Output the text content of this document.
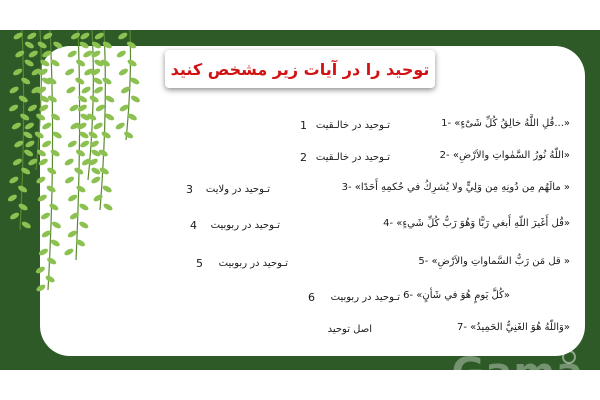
توحید را در آیات زیر مشخص کنید
«...قُلِ اللَّهُ خالِقُ کُلِّ شَیْءٍ» -1
تـوحید در خالـقیت
1
«اللّهُ نُورُ السَّمٰواتِ والاَرْضِ» -2
تـوحید در خالـقیت
2
« مالَهُم مِن دُونِهِ مِن وَلِيٍّ ولا يُشرِكُ في حُكمِهِ أَحَدًا» -3
تـوحید در ولایت
3
«قُل أَغَيرَ اللّهِ أَبغي رَبًّا وَهُوَ رَبُّ كُلِّ شَيءٍ» -4
تـوحید در ربوبیت
4
« قل مَن رَبُّ السَّماواتِ والاَرْضِ» -5
تـوحید در ربوبیت
5
«كُلَّ يَومٍ هُوَ في شَأنٍ» -6
تـوحید در ربوبیت
6
«وَاللّهُ هُوَ الغَنِيُّ الحَمِيدُ» -7
اصل توحید
Gama
